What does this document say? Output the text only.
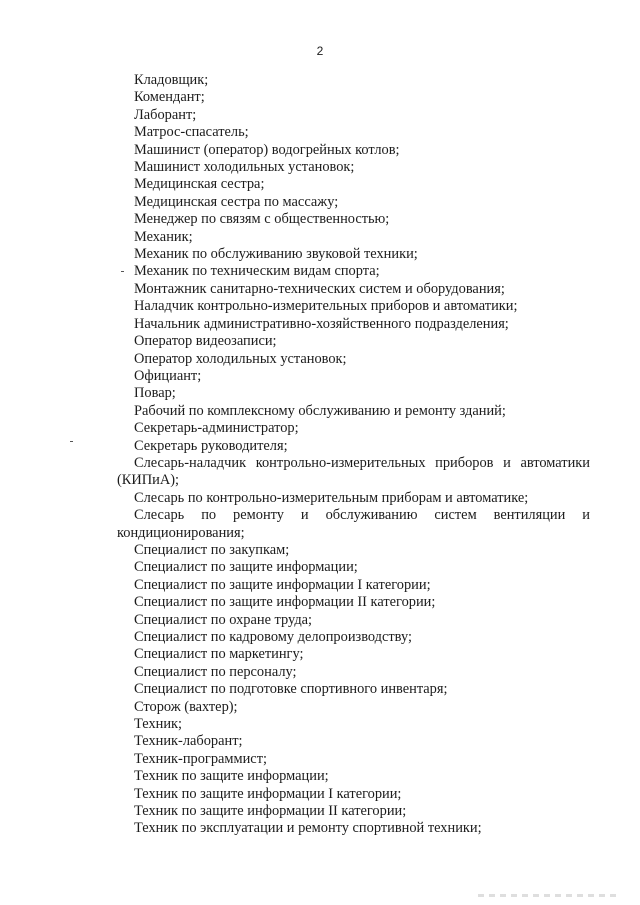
2
Кладовщик;
Комендант;
Лаборант;
Матрос-спасатель;
Машинист (оператор) водогрейных котлов;
Машинист холодильных установок;
Медицинская сестра;
Медицинская сестра по массажу;
Менеджер по связям с общественностью;
Механик;
Механик по обслуживанию звуковой техники;
Механик по техническим видам спорта;
Монтажник санитарно-технических систем и оборудования;
Наладчик контрольно-измерительных приборов и автоматики;
Начальник административно-хозяйственного подразделения;
Оператор видеозаписи;
Оператор холодильных установок;
Официант;
Повар;
Рабочий по комплексному обслуживанию и ремонту зданий;
Секретарь-администратор;
Секретарь руководителя;
Слесарь-наладчик контрольно-измерительных приборов и автоматики
(КИПиА);
Слесарь по контрольно-измерительным приборам и автоматике;
Слесарь по ремонту и обслуживанию систем вентиляции и
кондиционирования;
Специалист по закупкам;
Специалист по защите информации;
Специалист по защите информации I категории;
Специалист по защите информации II категории;
Специалист по охране труда;
Специалист по кадровому делопроизводству;
Специалист по маркетингу;
Специалист по персоналу;
Специалист по подготовке спортивного инвентаря;
Сторож (вахтер);
Техник;
Техник-лаборант;
Техник-программист;
Техник по защите информации;
Техник по защите информации I категории;
Техник по защите информации II категории;
Техник по эксплуатации и ремонту спортивной техники;
